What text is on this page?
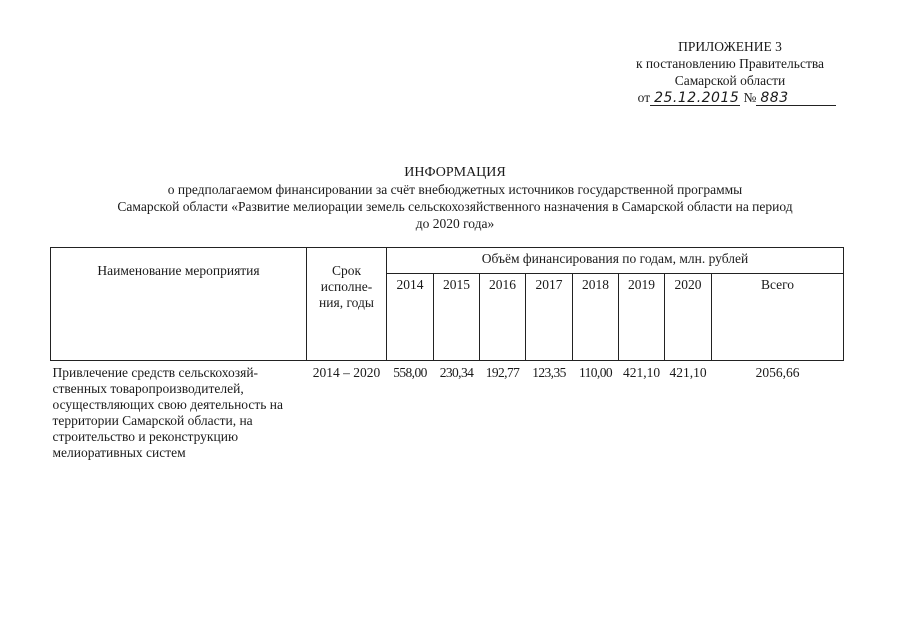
ПРИЛОЖЕНИЕ 3
к постановлению Правительства
Самарской области
от 25.12.2015 № 883
ИНФОРМАЦИЯ
о предполагаемом финансировании за счёт внебюджетных источников государственной программы
Самарской области «Развитие мелиорации земель сельскохозяйственного назначения в Самарской области на период
до 2020 года»
Наименование мероприятия	Срок исполне- ния, годы	Объём финансирования по годам, млн. рублей							
		2014	2015	2016	2017	2018	2019	2020	Всего
Привлечение средств сельскохозяй- ственных товаропроизводителей, осуществляющих свою деятельность на территории Самарской области, на строительство и реконструкцию мелиоративных систем	2014 – 2020	558,00	230,34	192,77	123,35	110,00	421,10	421,10	2056,66
